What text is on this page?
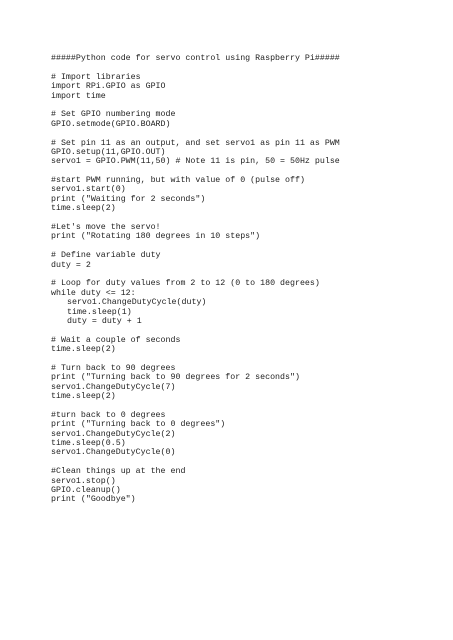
#####Python code for servo control using Raspberry Pi#####
# Import libraries
import RPi.GPIO as GPIO
import time
# Set GPIO numbering mode
GPIO.setmode(GPIO.BOARD)
# Set pin 11 as an output, and set servo1 as pin 11 as PWM
GPIO.setup(11,GPIO.OUT)
servo1 = GPIO.PWM(11,50) # Note 11 is pin, 50 = 50Hz pulse
#start PWM running, but with value of 0 (pulse off)
servo1.start(0)
print ("Waiting for 2 seconds")
time.sleep(2)
#Let's move the servo!
print ("Rotating 180 degrees in 10 steps")
# Define variable duty
duty = 2
# Loop for duty values from 2 to 12 (0 to 180 degrees)
while duty <= 12:
servo1.ChangeDutyCycle(duty)
time.sleep(1)
duty = duty + 1
# Wait a couple of seconds
time.sleep(2)
# Turn back to 90 degrees
print ("Turning back to 90 degrees for 2 seconds")
servo1.ChangeDutyCycle(7)
time.sleep(2)
#turn back to 0 degrees
print ("Turning back to 0 degrees")
servo1.ChangeDutyCycle(2)
time.sleep(0.5)
servo1.ChangeDutyCycle(0)
#Clean things up at the end
servo1.stop()
GPIO.cleanup()
print ("Goodbye")
